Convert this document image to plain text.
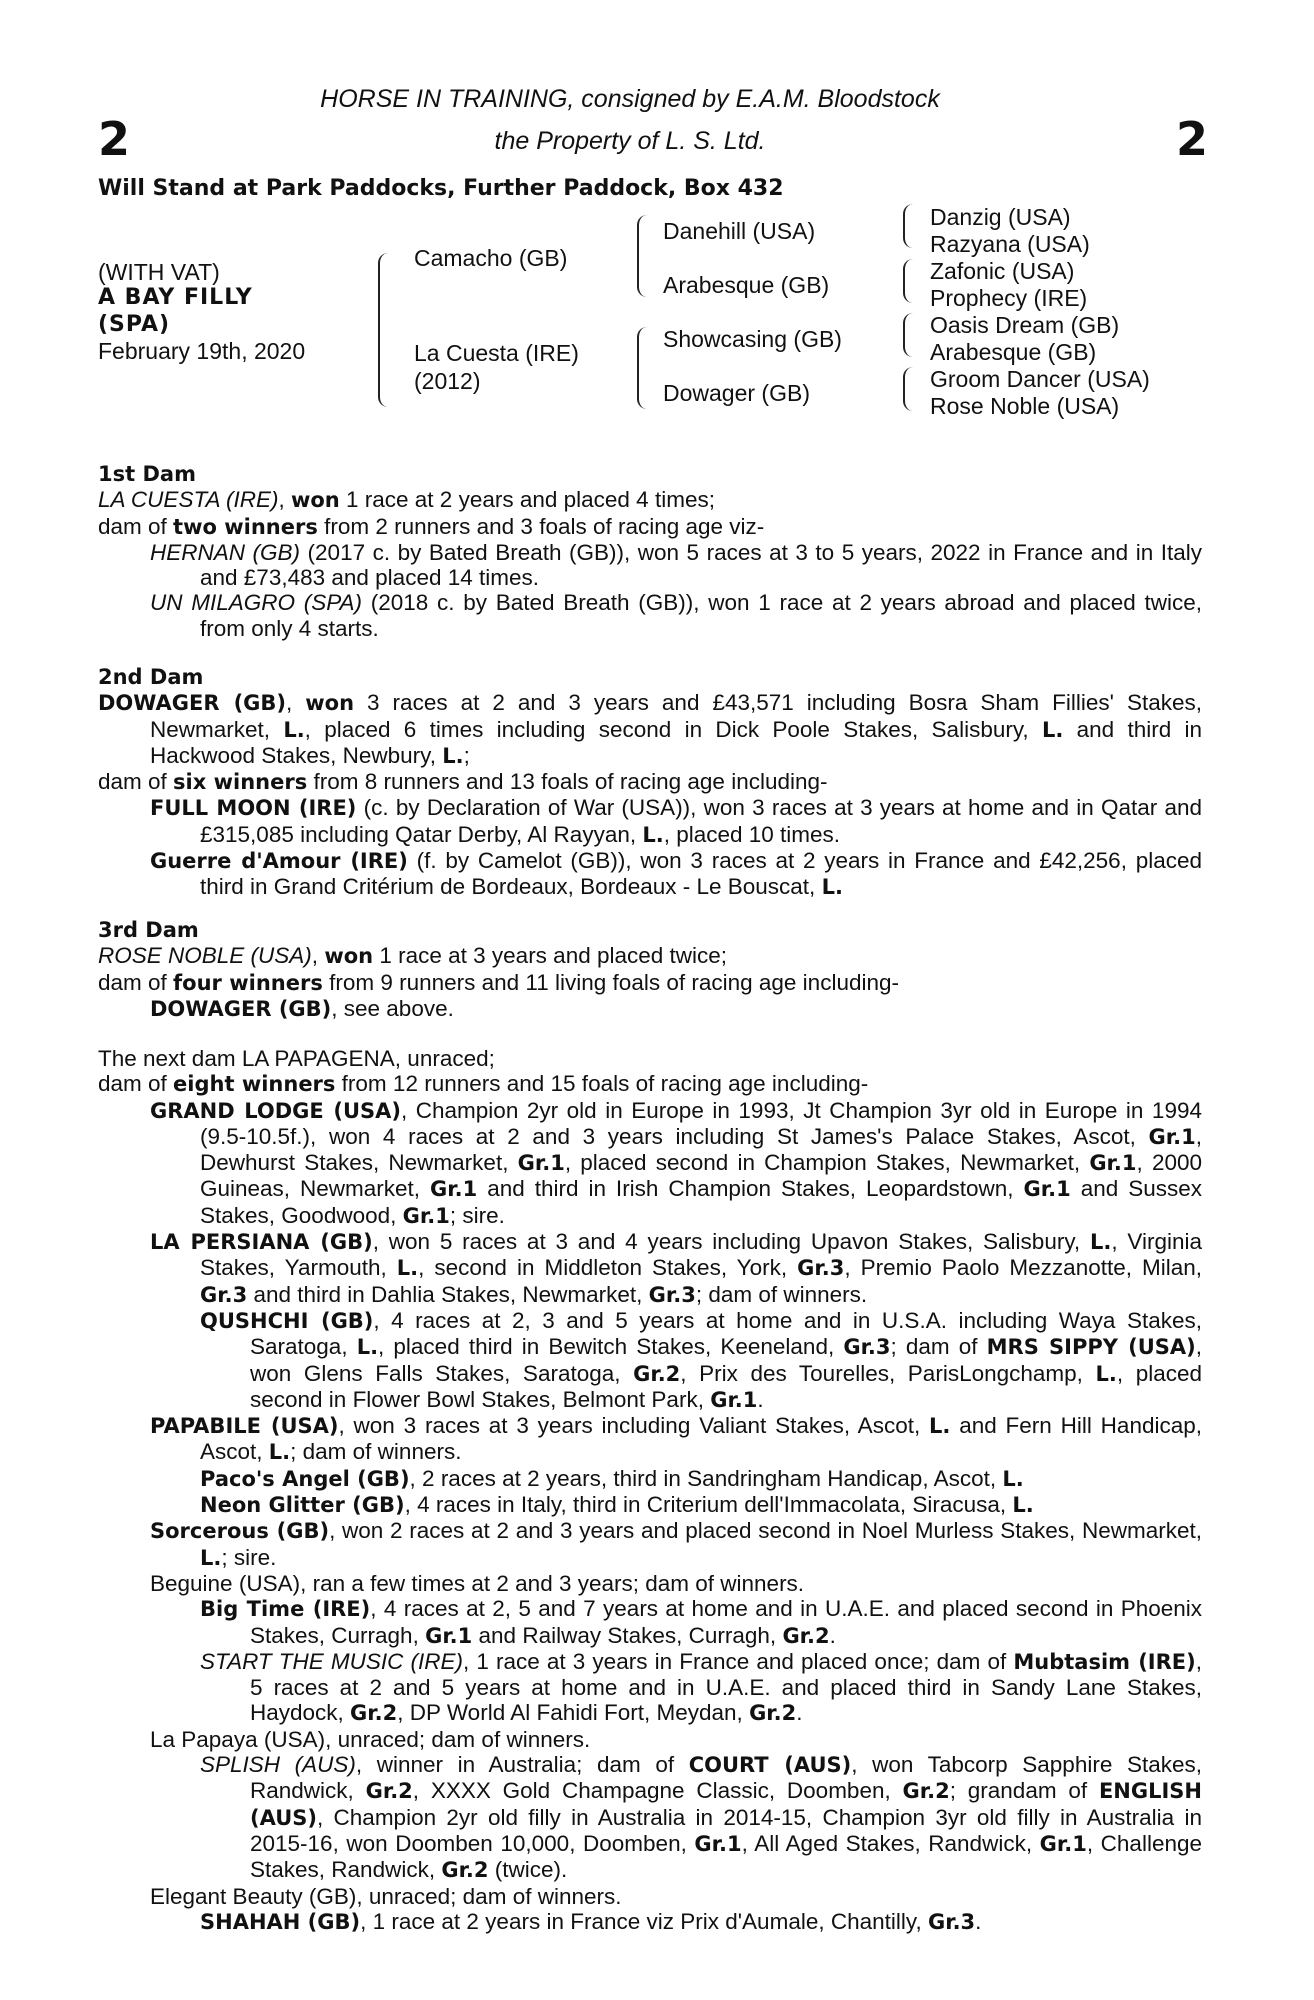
2	2
HORSE IN TRAINING, consigned by E.A.M. Bloodstock
the Property of L. S. Ltd.
Will Stand at Park Paddocks, Further Paddock, Box 432
(WITH VAT)
A BAY FILLY
(SPA)
February 19th, 2020
Camacho (GB)
La Cuesta (IRE)
(2012)
Danehill (USA)
Arabesque (GB)
Showcasing (GB)
Dowager (GB)
Danzig (USA)
Razyana (USA)
Zafonic (USA)
Prophecy (IRE)
Oasis Dream (GB)
Arabesque (GB)
Groom Dancer (USA)
Rose Noble (USA)
1st Dam

LA CUESTA (IRE), won 1 race at 2 years and placed 4 times;

dam of two winners from 2 runners and 3 foals of racing age viz-

HERNAN (GB) (2017 c. by Bated Breath (GB)), won 5 races at 3 to 5 years, 2022 in France and in Italy and £73,483 and placed 14 times.

UN MILAGRO (SPA) (2018 c. by Bated Breath (GB)), won 1 race at 2 years abroad and placed twice, from only 4 starts.

2nd Dam

DOWAGER (GB), won 3 races at 2 and 3 years and £43,571 including Bosra Sham Fillies' Stakes, Newmarket, L., placed 6 times including second in Dick Poole Stakes, Salisbury, L. and third in Hackwood Stakes, Newbury, L.;

dam of six winners from 8 runners and 13 foals of racing age including-

FULL MOON (IRE) (c. by Declaration of War (USA)), won 3 races at 3 years at home and in Qatar and £315,085 including Qatar Derby, Al Rayyan, L., placed 10 times.

Guerre d'Amour (IRE) (f. by Camelot (GB)), won 3 races at 2 years in France and £42,256, placed third in Grand Critérium de Bordeaux, Bordeaux - Le Bouscat, L.

3rd Dam

ROSE NOBLE (USA), won 1 race at 3 years and placed twice;

dam of four winners from 9 runners and 11 living foals of racing age including-

DOWAGER (GB), see above.

The next dam LA PAPAGENA, unraced;

dam of eight winners from 12 runners and 15 foals of racing age including-

GRAND LODGE (USA), Champion 2yr old in Europe in 1993, Jt Champion 3yr old in Europe in 1994 (9.5-10.5f.), won 4 races at 2 and 3 years including St James's Palace Stakes, Ascot, Gr.1, Dewhurst Stakes, Newmarket, Gr.1, placed second in Champion Stakes, Newmarket, Gr.1, 2000 Guineas, Newmarket, Gr.1 and third in Irish Champion Stakes, Leopardstown, Gr.1 and Sussex Stakes, Goodwood, Gr.1; sire.

LA PERSIANA (GB), won 5 races at 3 and 4 years including Upavon Stakes, Salisbury, L., Virginia Stakes, Yarmouth, L., second in Middleton Stakes, York, Gr.3, Premio Paolo Mezzanotte, Milan, Gr.3 and third in Dahlia Stakes, Newmarket, Gr.3; dam of winners.

QUSHCHI (GB), 4 races at 2, 3 and 5 years at home and in U.S.A. including Waya Stakes, Saratoga, L., placed third in Bewitch Stakes, Keeneland, Gr.3; dam of MRS SIPPY (USA), won Glens Falls Stakes, Saratoga, Gr.2, Prix des Tourelles, ParisLongchamp, L., placed second in Flower Bowl Stakes, Belmont Park, Gr.1.

PAPABILE (USA), won 3 races at 3 years including Valiant Stakes, Ascot, L. and Fern Hill Handicap, Ascot, L.; dam of winners.

Paco's Angel (GB), 2 races at 2 years, third in Sandringham Handicap, Ascot, L.

Neon Glitter (GB), 4 races in Italy, third in Criterium dell'Immacolata, Siracusa, L.

Sorcerous (GB), won 2 races at 2 and 3 years and placed second in Noel Murless Stakes, Newmarket, L.; sire.

Beguine (USA), ran a few times at 2 and 3 years; dam of winners.

Big Time (IRE), 4 races at 2, 5 and 7 years at home and in U.A.E. and placed second in Phoenix Stakes, Curragh, Gr.1 and Railway Stakes, Curragh, Gr.2.

START THE MUSIC (IRE), 1 race at 3 years in France and placed once; dam of Mubtasim (IRE), 5 races at 2 and 5 years at home and in U.A.E. and placed third in Sandy Lane Stakes, Haydock, Gr.2, DP World Al Fahidi Fort, Meydan, Gr.2.

La Papaya (USA), unraced; dam of winners.

SPLISH (AUS), winner in Australia; dam of COURT (AUS), won Tabcorp Sapphire Stakes, Randwick, Gr.2, XXXX Gold Champagne Classic, Doomben, Gr.2; grandam of ENGLISH (AUS), Champion 2yr old filly in Australia in 2014-15, Champion 3yr old filly in Australia in 2015-16, won Doomben 10,000, Doomben, Gr.1, All Aged Stakes, Randwick, Gr.1, Challenge Stakes, Randwick, Gr.2 (twice).

Elegant Beauty (GB), unraced; dam of winners.

SHAHAH (GB), 1 race at 2 years in France viz Prix d'Aumale, Chantilly, Gr.3.
